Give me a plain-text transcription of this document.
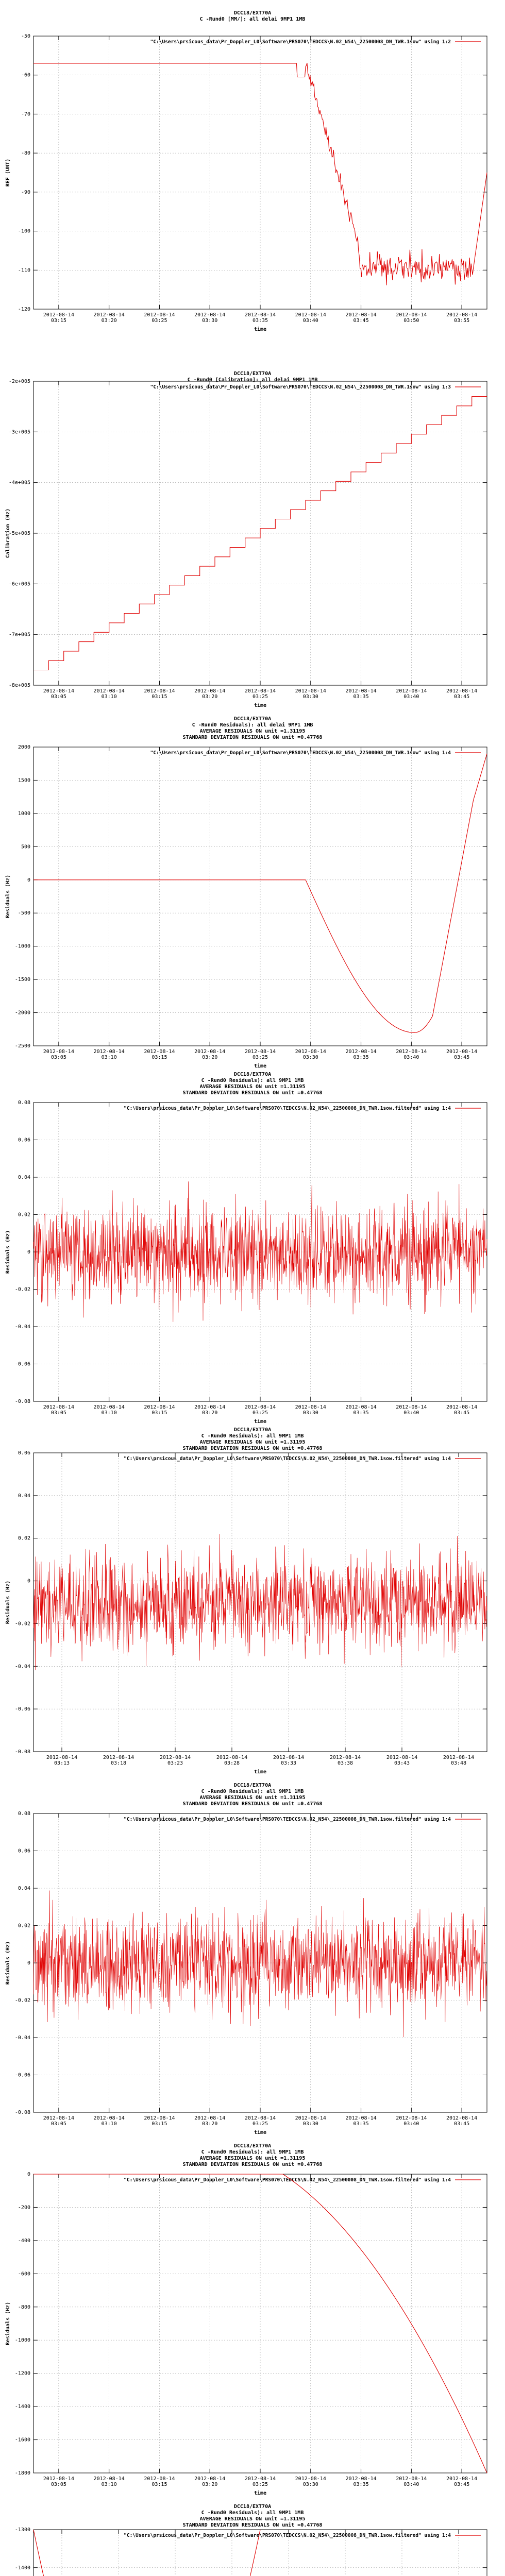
DCC18/EXT70A
C -Rund0 [MM/]: all delai 9MP1 1MB
-50
-60
-70
-80
-90
-100
-110
-120
2012-08-14 03:15
2012-08-14 03:20
2012-08-14 03:25
2012-08-14 03:30
2012-08-14 03:35
2012-08-14 03:40
2012-08-14 03:45
2012-08-14 03:50
2012-08-14 03:55
time
REF (UNT)
"C:\Users\prsicous_data\Pr_Doppler_L0\Software\PRS070\TEDCCS\N.02_N54\_22500008_DN_TWR.1sow" using 1:2
DCC18/EXT70A
C -Rund0 [Calibration]: all delai 9MP1 1MB
-2e+005
-3e+005
-4e+005
-5e+005
-6e+005
-7e+005
-8e+005
2012-08-14 03:05
2012-08-14 03:10
2012-08-14 03:15
2012-08-14 03:20
2012-08-14 03:25
2012-08-14 03:30
2012-08-14 03:35
2012-08-14 03:40
2012-08-14 03:45
time
Calibration (Hz)
"C:\Users\prsicous_data\Pr_Doppler_L0\Software\PRS070\TEDCCS\N.02_N54\_22500008_DN_TWR.1sow" using 1:3
DCC18/EXT70A
C -Rund0 Residuals): all delai 9MP1 1MB
AVERAGE RESIDUALS ON unit =1.31195
STANDARD DEVIATION RESIDUALS ON unit =0.47768
2000
1500
1000
500
0
-500
-1000
-1500
-2000
-2500
2012-08-14 03:05
2012-08-14 03:10
2012-08-14 03:15
2012-08-14 03:20
2012-08-14 03:25
2012-08-14 03:30
2012-08-14 03:35
2012-08-14 03:40
2012-08-14 03:45
time
Residuals (Hz)
"C:\Users\prsicous_data\Pr_Doppler_L0\Software\PRS070\TEDCCS\N.02_N54\_22500008_DN_TWR.1sow" using 1:4
DCC18/EXT70A
C -Rund0 Residuals): all 9MP1 1MB
AVERAGE RESIDUALS ON unit =1.31195
STANDARD DEVIATION RESIDUALS ON unit =0.47768
0.08
0.06
0.04
0.02
0
-0.02
-0.04
-0.06
-0.08
2012-08-14 03:05
2012-08-14 03:10
2012-08-14 03:15
2012-08-14 03:20
2012-08-14 03:25
2012-08-14 03:30
2012-08-14 03:35
2012-08-14 03:40
2012-08-14 03:45
time
Residuals (Hz)
"C:\Users\prsicous_data\Pr_Doppler_L0\Software\PRS070\TEDCCS\N.02_N54\_22500008_DN_TWR.1sow.filtered" using 1:4
DCC18/EXT70A
C -Rund0 Residuals): all 9MP1 1MB
AVERAGE RESIDUALS ON unit =1.31195
STANDARD DEVIATION RESIDUALS ON unit =0.47768
0.06
0.04
0.02
0
-0.02
-0.04
-0.06
-0.08
2012-08-14 03:13
2012-08-14 03:18
2012-08-14 03:23
2012-08-14 03:28
2012-08-14 03:33
2012-08-14 03:38
2012-08-14 03:43
2012-08-14 03:48
time
Residuals (Hz)
"C:\Users\prsicous_data\Pr_Doppler_L0\Software\PRS070\TEDCCS\N.02_N54\_22500008_DN_TWR.1sow.filtered" using 1:4
DCC18/EXT70A
C -Rund0 Residuals): all 9MP1 1MB
AVERAGE RESIDUALS ON unit =1.31195
STANDARD DEVIATION RESIDUALS ON unit =0.47768
0.08
0.06
0.04
0.02
0
-0.02
-0.04
-0.06
-0.08
2012-08-14 03:05
2012-08-14 03:10
2012-08-14 03:15
2012-08-14 03:20
2012-08-14 03:25
2012-08-14 03:30
2012-08-14 03:35
2012-08-14 03:40
2012-08-14 03:45
time
Residuals (Hz)
"C:\Users\prsicous_data\Pr_Doppler_L0\Software\PRS070\TEDCCS\N.02_N54\_22500008_DN_TWR.1sow.filtered" using 1:4
DCC18/EXT70A
C -Rund0 Residuals): all 9MP1 1MB
AVERAGE RESIDUALS ON unit =1.31195
STANDARD DEVIATION RESIDUALS ON unit =0.47768
0
-200
-400
-600
-800
-1000
-1200
-1400
-1600
-1800
2012-08-14 03:05
2012-08-14 03:10
2012-08-14 03:15
2012-08-14 03:20
2012-08-14 03:25
2012-08-14 03:30
2012-08-14 03:35
2012-08-14 03:40
2012-08-14 03:45
time
Residuals (Hz)
"C:\Users\prsicous_data\Pr_Doppler_L0\Software\PRS070\TEDCCS\N.02_N54\_22500008_DN_TWR.1sow.filtered" using 1:4
DCC18/EXT70A
C -Rund0 Residuals): all 9MP1 1MB
AVERAGE RESIDUALS ON unit =1.31195
STANDARD DEVIATION RESIDUALS ON unit =0.47768
-1300
-1400
"C:\Users\prsicous_data\Pr_Doppler_L0\Software\PRS070\TEDCCS\N.02_N54\_22500008_DN_TWR.1sow.filtered" using 1:4
